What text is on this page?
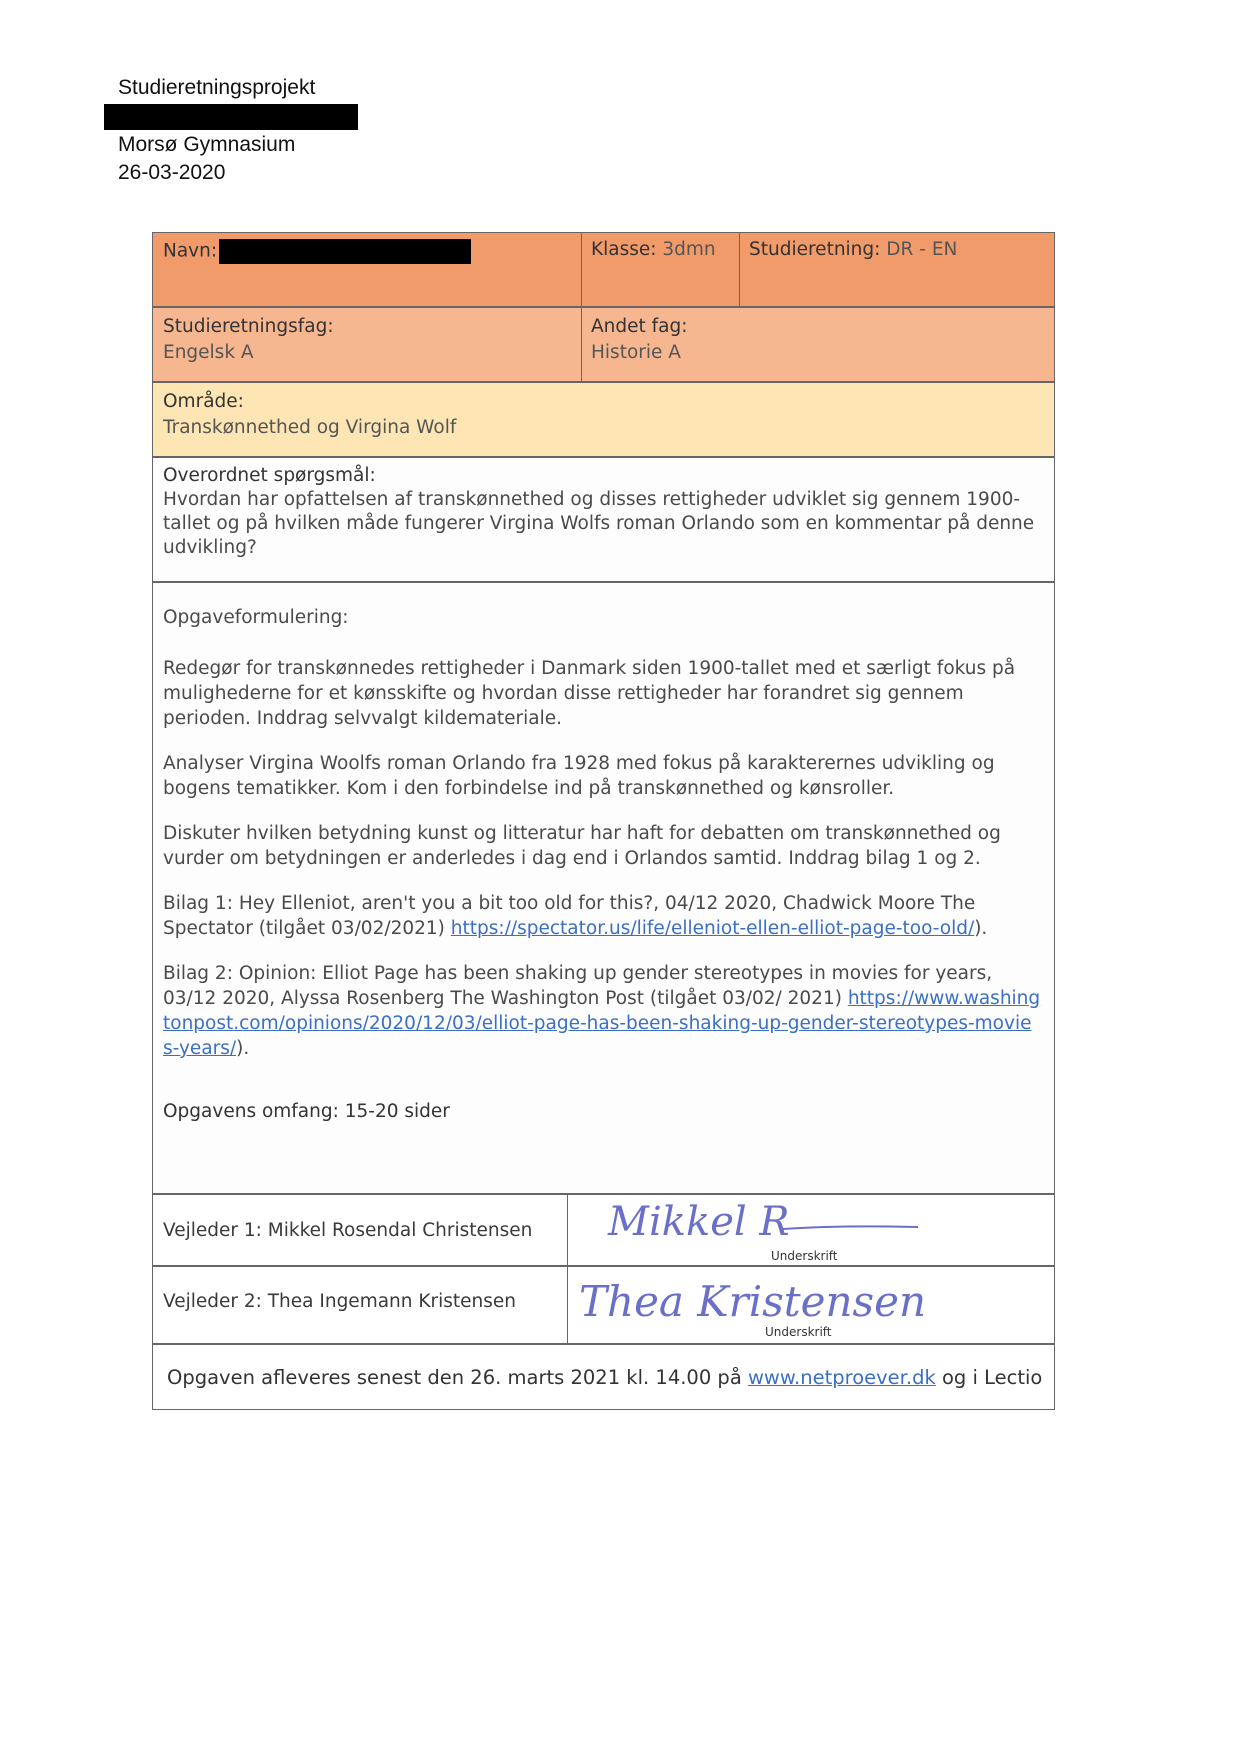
Studieretningsprojekt
Morsø Gymnasium
26-03-2020
Navn:	Klasse: 3dmn	Studieretning: DR - EN
Studieretningsfag:
Engelsk A
Andet fag:
Historie A
Område:
Transkønnethed og Virgina Wolf
Overordnet spørgsmål:
Hvordan har opfattelsen af transkønnethed og disses rettigheder udviklet sig gennem 1900-tallet og på hvilken måde fungerer Virgina Wolfs roman Orlando som en kommentar på denne udvikling?

Opgaveformulering:

Redegør for transkønnedes rettigheder i Danmark siden 1900-tallet med et særligt fokus på mulighederne for et kønsskifte og hvordan disse rettigheder har forandret sig gennem perioden. Inddrag selvvalgt kildemateriale.

Analyser Virgina Woolfs roman Orlando fra 1928 med fokus på karakterernes udvikling og bogens tematikker. Kom i den forbindelse ind på transkønnethed og kønsroller.

Diskuter hvilken betydning kunst og litteratur har haft for debatten om transkønnethed og vurder om betydningen er anderledes i dag end i Orlandos samtid. Inddrag bilag 1 og 2.

Bilag 1: Hey Elleniot, aren't you a bit too old for this?, 04/12 2020, Chadwick Moore The Spectator (tilgået 03/02/2021) https://spectator.us/life/elleniot-ellen-elliot-page-too-old/).

Bilag 2: Opinion: Elliot Page has been shaking up gender stereotypes in movies for years, 03/12 2020, Alyssa Rosenberg The Washington Post (tilgået 03/02/ 2021) https://www.washingtonpost.com/opinions/2020/12/03/elliot-page-has-been-shaking-up-gender-stereotypes-movies-years/).

Opgavens omfang: 15-20 sider

Vejleder 1: Mikkel Rosendal Christensen	Mikkel R
Underskrift
Vejleder 2: Thea Ingemann Kristensen	Thea Kristensen
Underskrift
Opgaven afleveres senest den 26. marts 2021 kl. 14.00 på
www.netproever.dk
og i Lectio
